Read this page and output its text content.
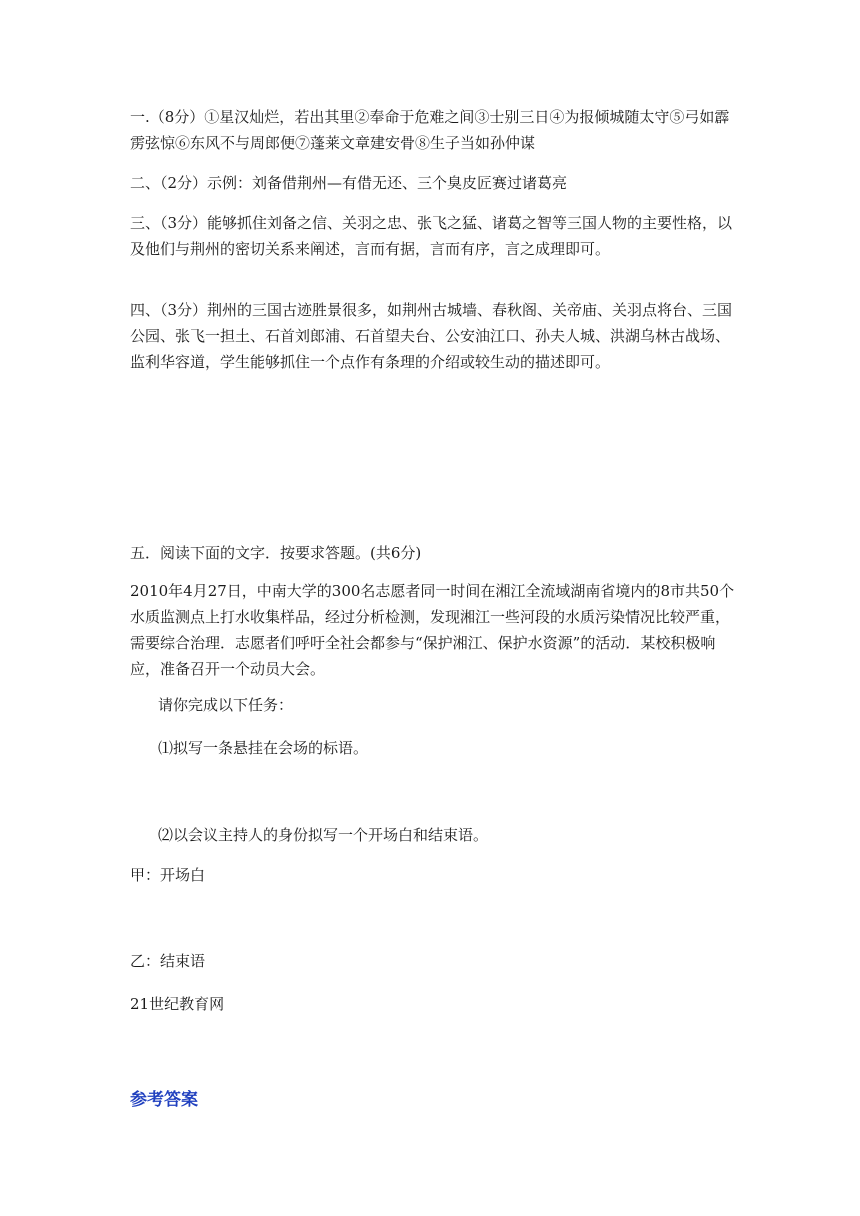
一.（8分）①星汉灿烂，若出其里②奉命于危难之间③士别三日④为报倾城随太守⑤弓如霹雳弦惊⑥东风不与周郎便⑦蓬莱文章建安骨⑧生子当如孙仲谋

二、（2分）示例：刘备借荆州—有借无还、三个臭皮匠赛过诸葛亮

三、（3分）能够抓住刘备之信、关羽之忠、张飞之猛、诸葛之智等三国人物的主要性格，以及他们与荆州的密切关系来阐述，言而有据，言而有序，言之成理即可。

四、（3分）荆州的三国古迹胜景很多，如荆州古城墙、春秋阁、关帝庙、关羽点将台、三国公园、张飞一担土、石首刘郎浦、石首望夫台、公安油江口、孙夫人城、洪湖乌林古战场、监利华容道，学生能够抓住一个点作有条理的介绍或较生动的描述即可。

五．阅读下面的文字．按要求答题。(共6分)

2010年4月27日，中南大学的300名志愿者同一时间在湘江全流域湖南省境内的8市共50个水质监测点上打水收集样品，经过分析检测，发现湘江一些河段的水质污染情况比较严重，需要综合治理．志愿者们呼吁全社会都参与“保护湘江、保护水资源”的活动．某校积极响应，准备召开一个动员大会。

请你完成以下任务：

⑴拟写一条悬挂在会场的标语。

⑵以会议主持人的身份拟写一个开场白和结束语。

甲：开场白

乙：结束语

21世纪教育网

参考答案
